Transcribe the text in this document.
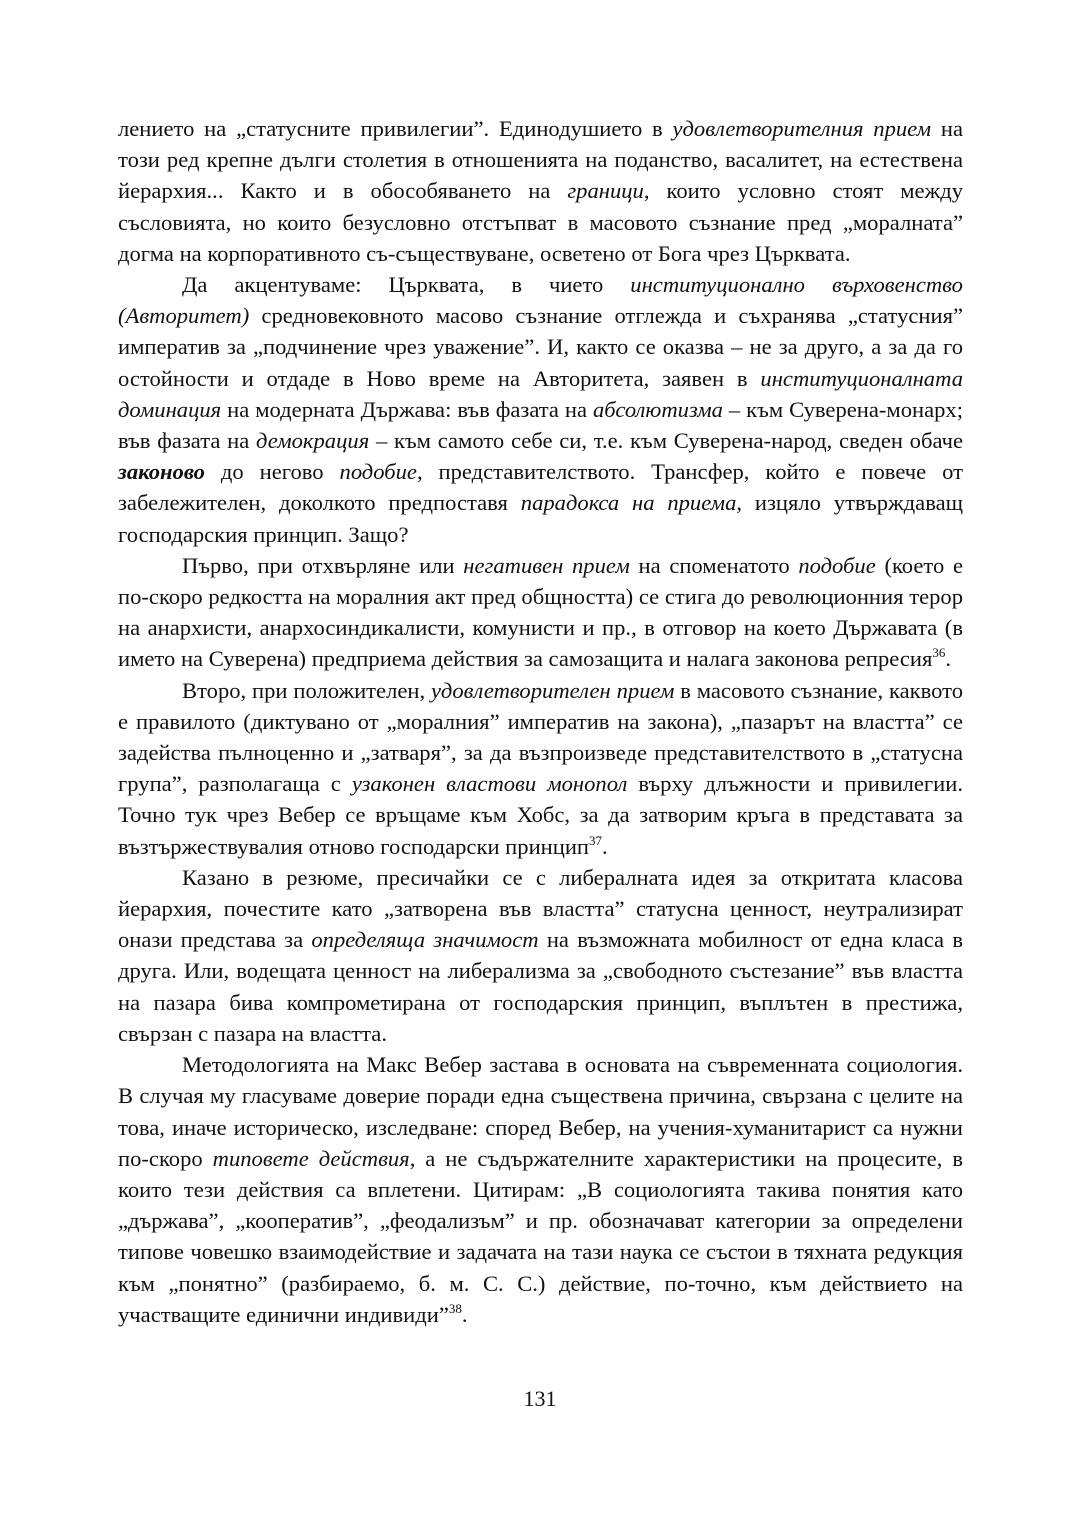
лението на „статусните привилегии”. Единодушието в удовлетворителния прием на този ред крепне дълги столетия в отношенията на поданство, васалитет, на естествена йерархия... Както и в обособяването на граници, които условно стоят между съсловията, но които безусловно отстъпват в масовото съзнание пред „моралната” догма на корпоративното съ-съществуване, осветено от Бога чрез Църквата.

Да акцентуваме: Църквата, в чието институционално върховенство (Авторитет) средновековното масово съзнание отглежда и съхранява „статусния” императив за „подчинение чрез уважение”. И, както се оказва – не за друго, а за да го остойности и отдаде в Ново време на Авторитета, заявен в институционалната доминация на модерната Държава: във фазата на абсолютизма – към Суверена-монарх; във фазата на демокрация – към самото себе си, т.е. към Суверена-народ, сведен обаче законово до негово подобие, представителството. Трансфер, който е повече от забележителен, доколкото предпоставя парадокса на приема, изцяло утвърждаващ господарския принцип. Защо?

Първо, при отхвърляне или негативен прием на споменатото подобие (което е по-скоро редкостта на моралния акт пред общността) се стига до революционния терор на анархисти, анархосиндикалисти, комунисти и пр., в отговор на което Държавата (в името на Суверена) предприема действия за самозащита и налага законова репресия$^{36}$.

Второ, при положителен, удовлетворителен прием в масовото съзнание, каквото е правилото (диктувано от „моралния” императив на закона), „пазарът на властта” се задейства пълноценно и „затваря”, за да възпроизведе представителството в „статусна група”, разполагаща с узаконен властови монопол върху длъжности и привилегии. Точно тук чрез Вебер се връщаме към Хобс, за да затворим кръга в представата за възтържествувалия отново господарски принцип$^{37}$.

Казано в резюме, пресичайки се с либералната идея за откритата класова йерархия, почестите като „затворена във властта” статусна ценност, неутрализират онази представа за определяща значимост на възможната мобилност от една класа в друга. Или, водещата ценност на либерализма за „свободното състезание” във властта на пазара бива компрометирана от господарския принцип, въплътен в престижа, свързан с пазара на властта.

Методологията на Макс Вебер застава в основата на съвременната социология. В случая му гласуваме доверие поради една съществена причина, свързана с целите на това, иначе историческо, изследване: според Вебер, на учения-хуманитарист са нужни по-скоро типовете действия, а не съдържателните характеристики на процесите, в които тези действия са вплетени. Цитирам: „В социологията такива понятия като „държава”, „кооператив”, „феодализъм” и пр. обозначават категории за определени типове човешко взаимодействие и задачата на тази наука се състои в тяхната редукция към „понятно” (разбираемо, б. м. С. С.) действие, по-точно, към действието на участващите единични индивиди”$^{38}$.

131
